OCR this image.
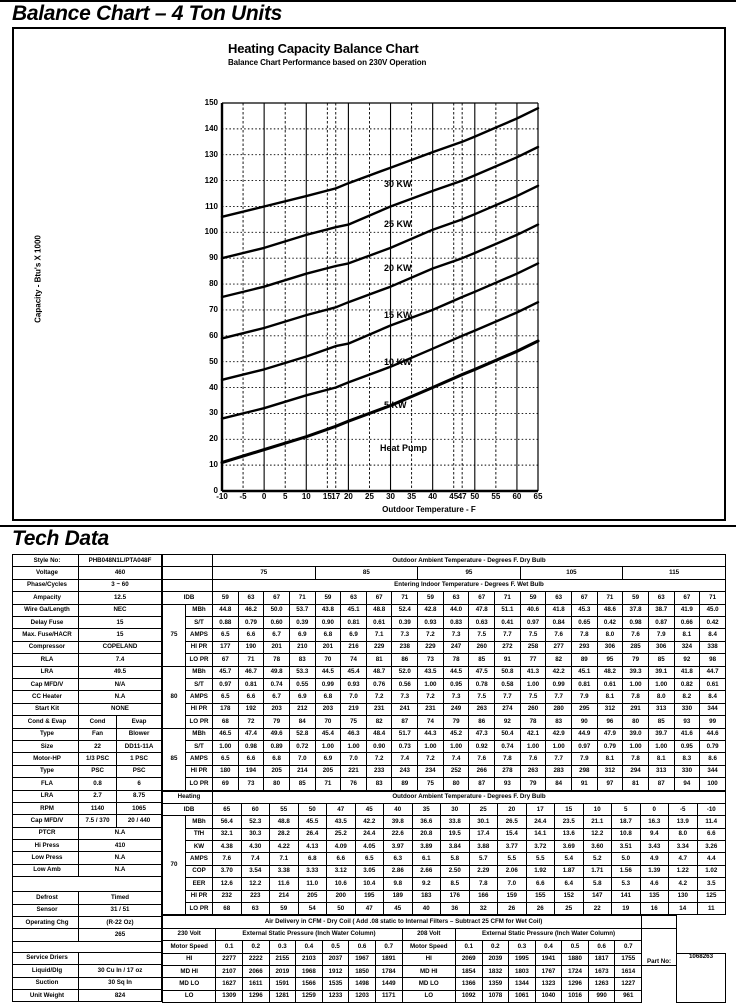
Balance Chart – 4 Ton Units
Heating Capacity Balance Chart
Balance Chart Performance based on 230V Operation
Capacity - Btu's X 1000
0
10
20
30
40
50
60
70
80
90
100
110
120
130
140
150
-10 -5 0 5 10 15 17 20 25 30 35 40 45 47 50 55 60 65
Outdoor Temperature - F
30 KW
25 KW
20 KW
15 KW
10 KW
5 KW
Heat Pump
Tech Data
Style No:	PHB048N1L/PTA048F	
Voltage	460	
Phase/Cycles	3 ~ 60	
Ampacity	12.5	
Wire Ga/Length	NEC	
Delay Fuse	15	
Max. Fuse/HACR	15	
Compressor	COPELAND	
RLA	7.4	
LRA	49.5	
Cap MFD/V	N/A	
CC Heater	N.A	
Start Kit	NONE	
Cond & Evap	Cond	Evap
Type	Fan	Blower
Size	22	DD11-11A
Motor-HP	1/3 PSC	1 PSC
Type	PSC	PSC
FLA	0.8	6
LRA	2.7	8.75
RPM	1140	1065
Cap MFD/V	7.5 / 370	20 / 440
PTCR	N.A	
Hi Press	410	
Low Press	N.A	
Low Amb	N.A	

Defrost	Timed	
Sensor	31 / 51	
Operating Chg	(R-22 Oz)	
	265	

Service Driers		
Liquid/Dlg	30 Cu In / 17 oz	
Suction	30 Sq In	
Unit Weight	824	
		Outdoor Ambient Temperature - Degrees F. Dry Bulb																			
		75				85				95				105				115			
		Entering Indoor Temperature - Degrees F. Wet Bulb																			
IDB		59	63	67	71	59	63	67	71	59	63	67	71	59	63	67	71	59	63	67	71
75	MBh	44.8	46.2	50.0	53.7	43.8	45.1	48.8	52.4	42.8	44.0	47.8	51.1	40.6	41.8	45.3	48.6	37.8	38.7	41.9	45.0
	S/T	0.88	0.79	0.60	0.39	0.90	0.81	0.61	0.39	0.93	0.83	0.63	0.41	0.97	0.84	0.65	0.42	0.98	0.87	0.66	0.42
	AMPS	6.5	6.6	6.7	6.9	6.8	6.9	7.1	7.3	7.2	7.3	7.5	7.7	7.5	7.6	7.8	8.0	7.6	7.9	8.1	8.4
	HI PR	177	190	201	210	201	216	229	238	229	247	260	272	258	277	293	306	285	306	324	338
	LO PR	67	71	78	83	70	74	81	86	73	78	85	91	77	82	89	95	79	85	92	98
80	MBh	45.7	46.7	49.8	53.3	44.5	45.4	48.7	52.0	43.5	44.5	47.5	50.8	41.3	42.2	45.1	48.2	39.3	39.1	41.8	44.7
	S/T	0.97	0.81	0.74	0.55	0.99	0.93	0.76	0.56	1.00	0.95	0.78	0.58	1.00	0.99	0.81	0.61	1.00	1.00	0.82	0.61
	AMPS	6.5	6.6	6.7	6.9	6.8	7.0	7.2	7.3	7.2	7.3	7.5	7.7	7.5	7.7	7.9	8.1	7.8	8.0	8.2	8.4
	HI PR	178	192	203	212	203	219	231	241	231	249	263	274	260	280	295	312	291	313	330	344
	LO PR	68	72	79	84	70	75	82	87	74	79	86	92	78	83	90	96	80	85	93	99
85	MBh	46.5	47.4	49.6	52.8	45.4	46.3	48.4	51.7	44.3	45.2	47.3	50.4	42.1	42.9	44.9	47.9	39.0	39.7	41.6	44.6
	S/T	1.00	0.98	0.89	0.72	1.00	1.00	0.90	0.73	1.00	1.00	0.92	0.74	1.00	1.00	0.97	0.79	1.00	1.00	0.95	0.79
	AMPS	6.5	6.6	6.8	7.0	6.9	7.0	7.2	7.4	7.2	7.4	7.6	7.8	7.6	7.7	7.9	8.1	7.8	8.1	8.3	8.6
	HI PR	180	194	205	214	205	221	233	243	234	252	266	278	263	283	298	312	294	313	330	344
	LO PR	69	73	80	85	71	76	83	89	75	80	87	93	79	84	91	97	81	87	94	100
Heating		Outdoor Ambient Temperature - Degrees F. Dry Bulb																	
IDB		65	60	55	50	47	45	40	35	30	25	20	17	15	10	5	0	-5	-10
70	MBh	56.4	52.3	48.8	45.5	43.5	42.2	39.8	36.6	33.8	30.1	26.5	24.4	23.5	21.1	18.7	16.3	13.9	11.4
	TfH	32.1	30.3	28.2	26.4	25.2	24.4	22.6	20.8	19.5	17.4	15.4	14.1	13.6	12.2	10.8	9.4	8.0	6.6
	KW	4.38	4.30	4.22	4.13	4.09	4.05	3.97	3.89	3.84	3.88	3.77	3.72	3.69	3.60	3.51	3.43	3.34	3.26
	AMPS	7.6	7.4	7.1	6.8	6.6	6.5	6.3	6.1	5.8	5.7	5.5	5.5	5.4	5.2	5.0	4.9	4.7	4.4
	COP	3.70	3.54	3.38	3.33	3.12	3.05	2.86	2.66	2.50	2.29	2.06	1.92	1.87	1.71	1.56	1.39	1.22	1.02
	EER	12.6	12.2	11.6	11.0	10.6	10.4	9.8	9.2	8.5	7.8	7.0	6.6	6.4	5.8	5.3	4.6	4.2	3.5
	HI PR	232	223	214	205	200	195	189	183	176	166	159	155	152	147	141	135	130	125
	LO PR	68	63	59	54	50	47	45	40	36	32	26	26	25	22	19	16	14	11
Air Delivery in CFM - Dry Coil ( Add .08 static to Internal Filters – Subtract 25 CFM for Wet Coil)																	
230 Volt	External Static Pressure (Inch Water Column)							208 Volt	External Static Pressure (Inch Water Column)							Part No:	
Motor Speed	0.1	0.2	0.3	0.4	0.5	0.6	0.7	Motor Speed	0.1	0.2	0.3	0.4	0.5	0.6	0.7		
HI	2277	2222	2155	2103	2037	1967	1891	HI	2069	2039	1995	1941	1880	1817	1755		1068263
MD HI	2107	2066	2019	1968	1912	1850	1784	MD HI	1854	1832	1803	1767	1724	1673	1614		
MD LO	1627	1611	1591	1566	1535	1498	1449	MD LO	1366	1359	1344	1323	1296	1263	1227		
LO	1309	1296	1281	1259	1233	1203	1171	LO	1092	1078	1061	1040	1016	990	961		
